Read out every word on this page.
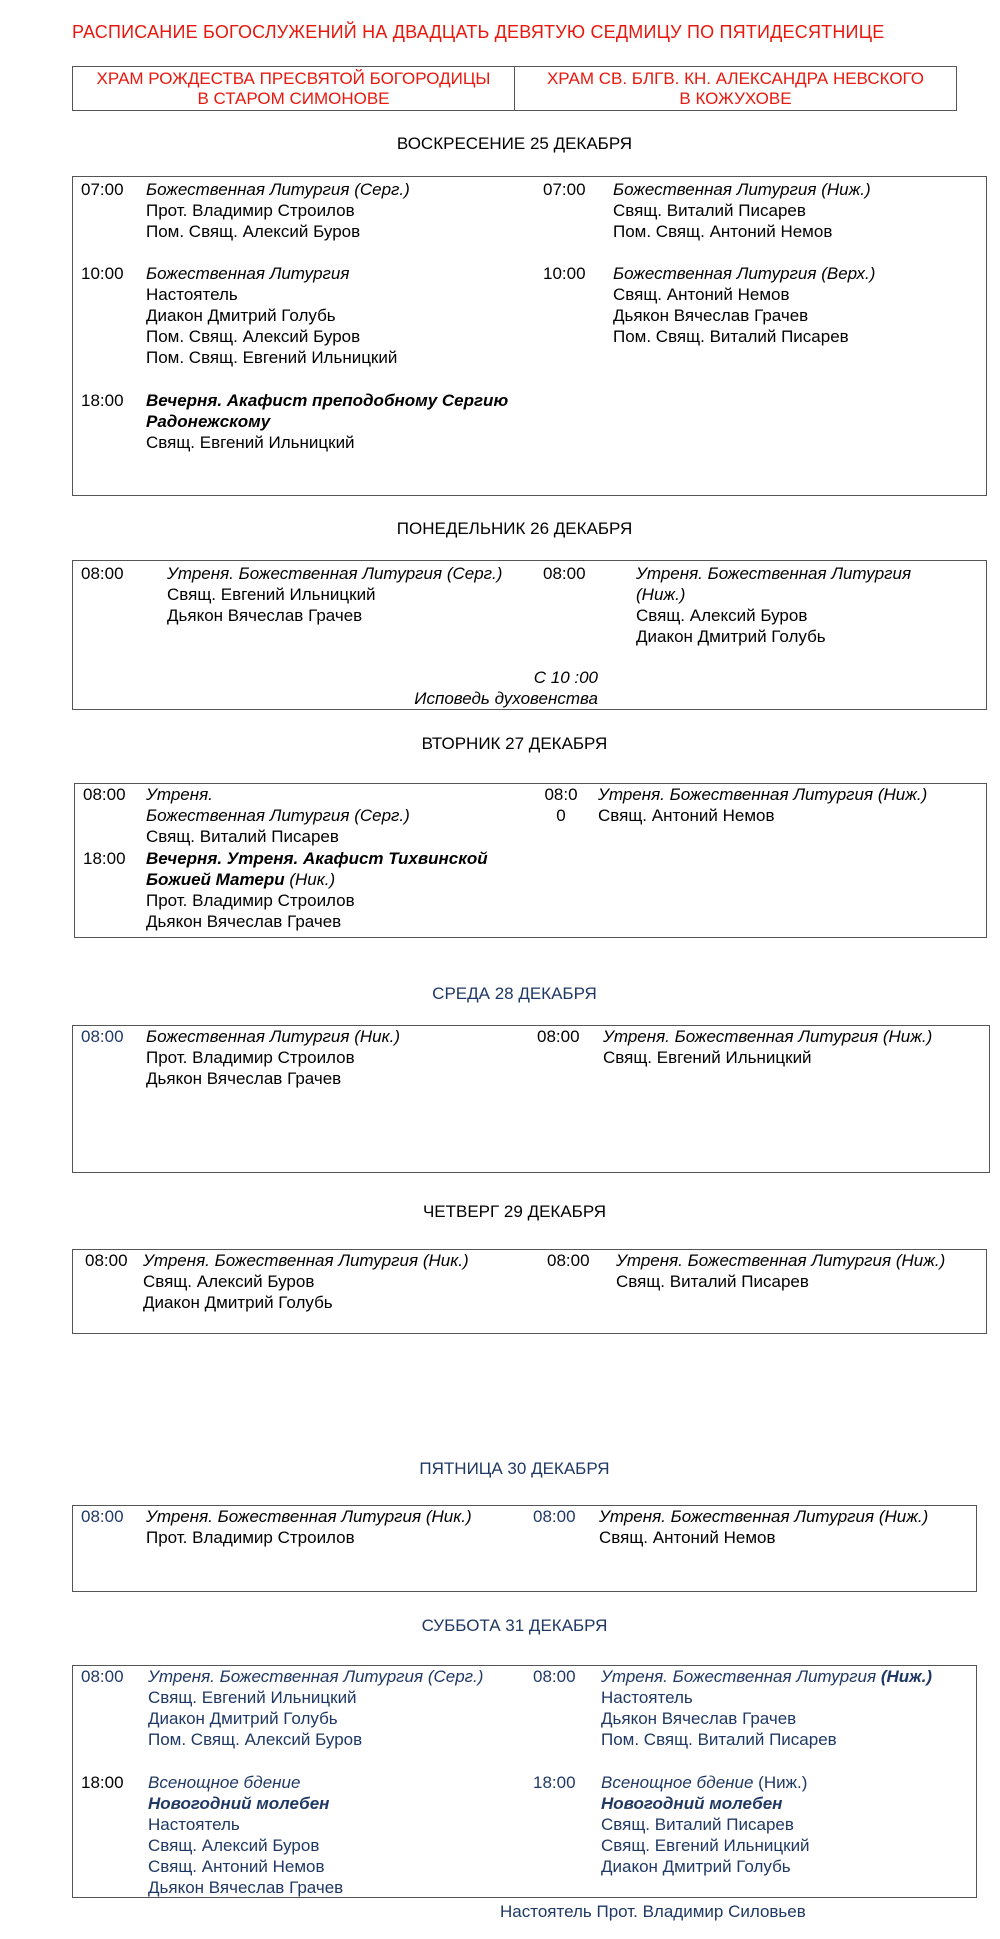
РАСПИСАНИЕ БОГОСЛУЖЕНИЙ НА ДВАДЦАТЬ ДЕВЯТУЮ СЕДМИЦУ ПО ПЯТИДЕСЯТНИЦЕ
ХРАМ РОЖДЕСТВА ПРЕСВЯТОЙ БОГОРОДИЦЫ
В СТАРОМ СИМОНОВЕ
ХРАМ СВ. БЛГВ. КН. АЛЕКСАНДРА НЕВСКОГО
В КОЖУХОВЕ
ВОСКРЕСЕНИЕ 25 ДЕКАБРЯ
07:00 Божественная Литургия (Серг.)
Прот. Владимир Строилов
Пом. Свящ. Алексий Буров
10:00 Божественная Литургия
Настоятель
Диакон Дмитрий Голубь
Пом. Свящ. Алексий Буров
Пом. Свящ. Евгений Ильницкий
18:00 Вечерня. Акафист преподобному Сергию Радонежскому
Свящ. Евгений Ильницкий
07:00 Божественная Литургия (Ниж.)
Свящ. Виталий Писарев
Пом. Свящ. Антоний Немов
10:00 Божественная Литургия (Верх.)
Свящ. Антоний Немов
Дьякон Вячеслав Грачев
Пом. Свящ. Виталий Писарев
ПОНЕДЕЛЬНИК 26 ДЕКАБРЯ
08:00	Утреня. Божественная Литургия (Серг.)
Свящ. Евгений Ильницкий
Дьякон Вячеслав Грачев
08:00	Утреня. Божественная Литургия
(Ниж.)
Свящ. Алексий Буров
Диакон Дмитрий Голубь
С 10 :00
Исповедь духовенства
ВТОРНИК 27 ДЕКАБРЯ
08:00 Утреня.
Божественная Литургия (Серг.)
Свящ. Виталий Писарев
18:00 Вечерня. Утреня. Акафист Тихвинской Божией Матери (Ник.)
Прот. Владимир Строилов
Дьякон Вячеслав Грачев
08:00
Утреня. Божественная Литургия (Ниж.)
Свящ. Антоний Немов
СРЕДА 28 ДЕКАБРЯ
08:00 Божественная Литургия (Ник.)
Прот. Владимир Строилов
Дьякон Вячеслав Грачев
08:00 Утреня. Божественная Литургия (Ниж.)
Свящ. Евгений Ильницкий
ЧЕТВЕРГ 29 ДЕКАБРЯ
08:00 Утреня. Божественная Литургия (Ник.)
Свящ. Алексий Буров
Диакон Дмитрий Голубь
08:00 Утреня. Божественная Литургия (Ниж.)
Свящ. Виталий Писарев
ПЯТНИЦА 30 ДЕКАБРЯ
08:00 Утреня. Божественная Литургия (Ник.)
Прот. Владимир Строилов
08:00 Утреня. Божественная Литургия (Ниж.)
Свящ. Антоний Немов
СУББОТА 31 ДЕКАБРЯ
08:00 Утреня. Божественная Литургия (Серг.)
Свящ. Евгений Ильницкий
Диакон Дмитрий Голубь
Пом. Свящ. Алексий Буров
18:00 Всенощное бдение
Новогодний молебен
Настоятель
Свящ. Алексий Буров
Свящ. Антоний Немов
Дьякон Вячеслав Грачев
08:00 Утреня. Божественная Литургия (Ниж.)
Настоятель
Дьякон Вячеслав Грачев
Пом. Свящ. Виталий Писарев
18:00 Всенощное бдение (Ниж.)
Новогодний молебен
Свящ. Виталий Писарев
Свящ. Евгений Ильницкий
Диакон Дмитрий Голубь
Настоятель Прот. Владимир Силовьев
